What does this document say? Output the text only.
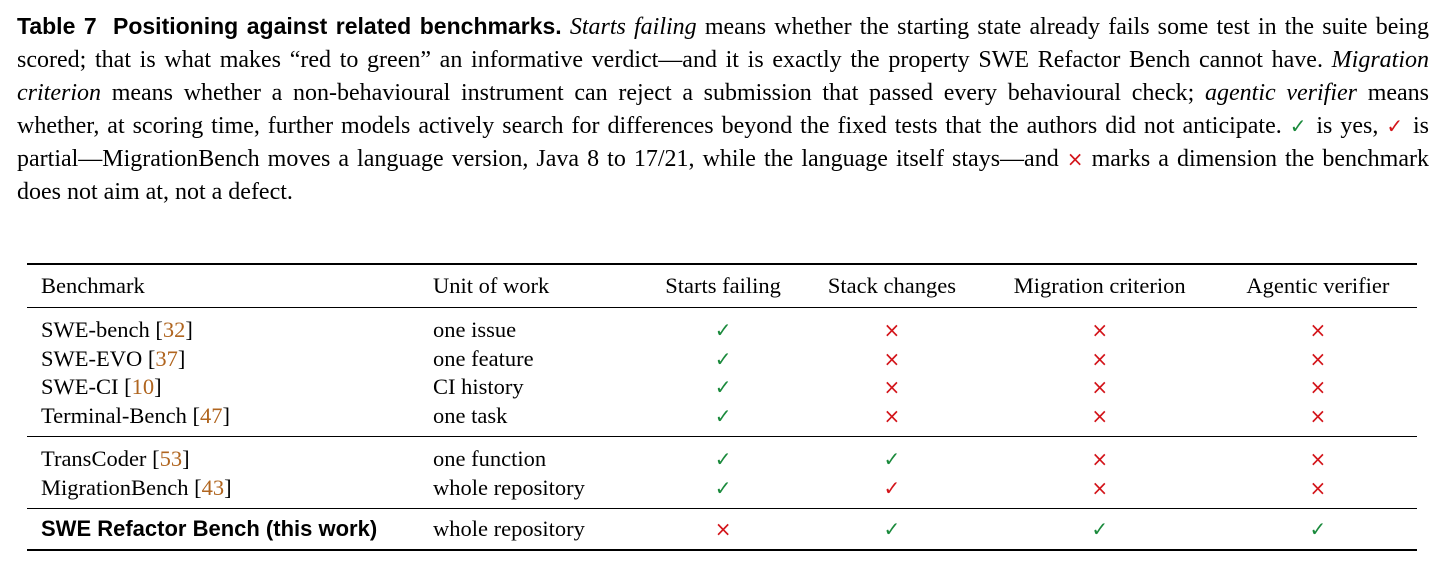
Table 7 Positioning against related benchmarks. Starts failing means whether the starting state already fails some test in the suite being scored; that is what makes “red to green” an informative verdict—and it is exactly the property SWE Refactor Bench cannot have. Migration criterion means whether a non-behavioural instrument can reject a submission that passed every behavioural check; agentic verifier means whether, at scoring time, further models actively search for differences beyond the fixed tests that the authors did not anticipate. ✓ is yes, ✓ is partial—MigrationBench moves a language version, Java 8 to 17/21, while the language itself stays—and × marks a dimension the benchmark does not aim at, not a defect.
Benchmark	Unit of work	Starts failing	Stack changes	Migration criterion	Agentic verifier
SWE-bench [32]	one issue	✓	×	×	×
SWE-EVO [37]	one feature	✓	×	×	×
SWE-CI [10]	CI history	✓	×	×	×
Terminal-Bench [47]	one task	✓	×	×	×
TransCoder [53]	one function	✓	✓	×	×
MigrationBench [43]	whole repository	✓	✓	×	×
SWE Refactor Bench (this work)	whole repository	×	✓	✓	✓
